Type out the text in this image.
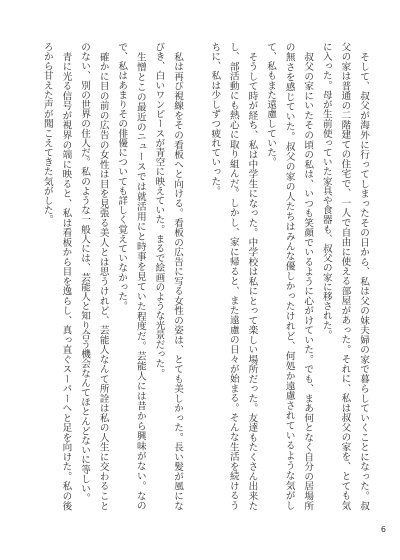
そして、叔父が海外に行ってしまったその日から、私は父の妹夫婦の家で暮らしていくことになった。叔父の家は普通の二階建ての住宅で、一人で自由に使える部屋があった。それに、私は叔父の家を、とても気に入った。母が生前使っていた家具や食器も、叔父の家に移された。

叔父の家にいたその頃の私は、いつも笑顔でいるように心がけていた。でも、まあ何となく自分の居場所の無さを感じていた。叔父の家の人たちはみんな優しかったけれど、何処か遠慮されているような気がして、私もまた遠慮していた。

そうして時が経ち、私は中学生になった。中学校は私にとって楽しい場所だった。友達もたくさん出来たし、部活動にも熱心に取り組んだ。しかし、家に帰ると、また遠慮の日々が始まる。そんな生活を続けるうちに、私は少しずつ疲れていった。

私は再び視線をその看板へと向ける。看板の広告に写る女性の姿は、とても美しかった。長い髪が風になびき、白いワンピースが青空に映えていた。まるで絵画のような光景だった。

生憎とこの最近のニュースでは就活用にと時事を見ていた程度だ。芸能人には昔から興味がない。なので、私はあまりその俳優についても詳しく覚えていなかった。

確かに目の前の広告の女性は目を見張る美人とは思うけれど、芸能人なんて所詮は私の人生に交わることのない、別の世界の住人だ。私のような一般人には、芸能人と知り合う機会なんてほとんどないに等しい。

青に光る信号が視界の端に映ると、私は看板から目を逸らし、真っ直ぐスーパーへと足を向けた。私の後ろから甘えた声が聞こえてきた気がした。

6
